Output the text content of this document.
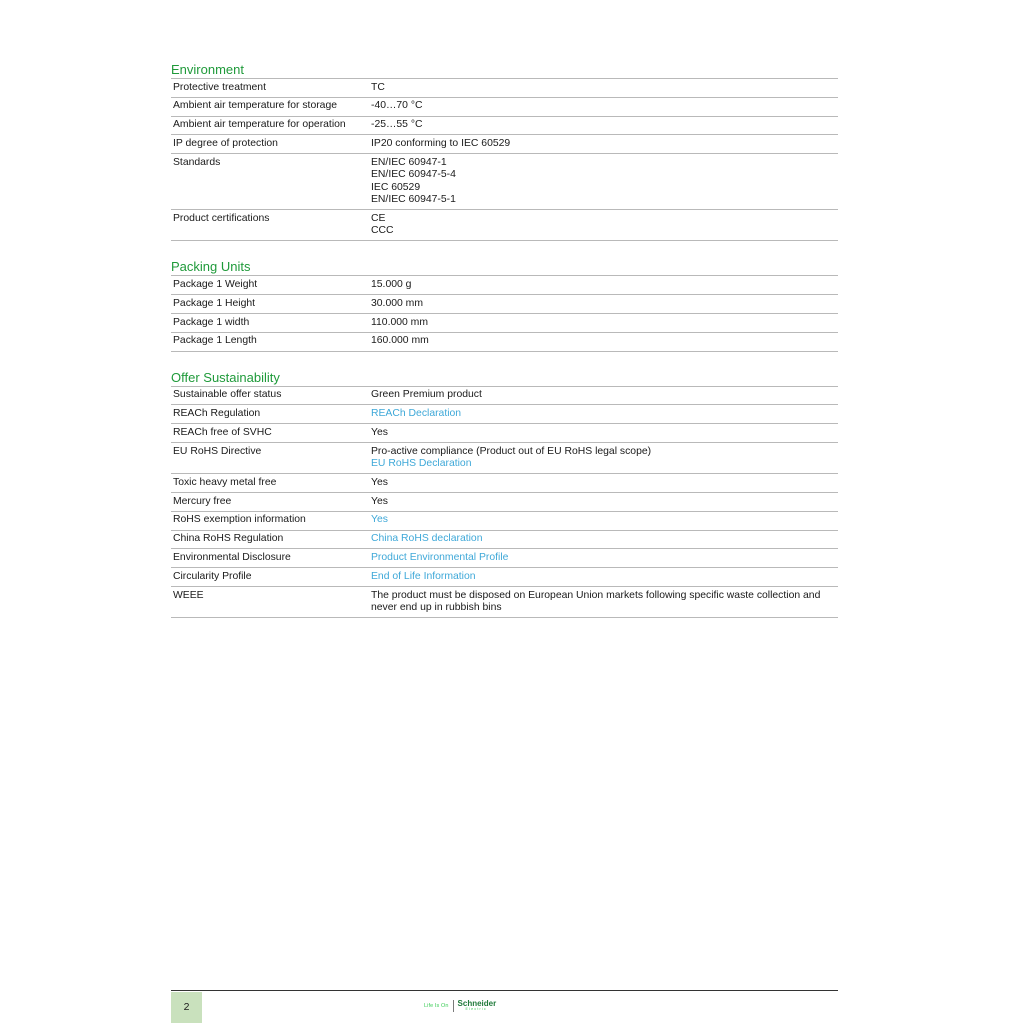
Environment
Protective treatment	TC
Ambient air temperature for storage	-40…70 °C
Ambient air temperature for operation	-25…55 °C
IP degree of protection	IP20 conforming to IEC 60529
Standards	EN/IEC 60947-1
EN/IEC 60947-5-4
IEC 60529
EN/IEC 60947-5-1
Product certifications	CE
CCC
Packing Units
Package 1 Weight	15.000 g
Package 1 Height	30.000 mm
Package 1 width	110.000 mm
Package 1 Length	160.000 mm
Offer Sustainability
Sustainable offer status	Green Premium product
REACh Regulation	REACh Declaration
REACh free of SVHC	Yes
EU RoHS Directive	Pro-active compliance (Product out of EU RoHS legal scope)
EU RoHS Declaration
Toxic heavy metal free	Yes
Mercury free	Yes
RoHS exemption information	Yes
China RoHS Regulation	China RoHS declaration
Environmental Disclosure	Product Environmental Profile
Circularity Profile	End of Life Information
WEEE	The product must be disposed on European Union markets following specific waste collection and never end up in rubbish bins
2	Life Is On Schneider
Electric
